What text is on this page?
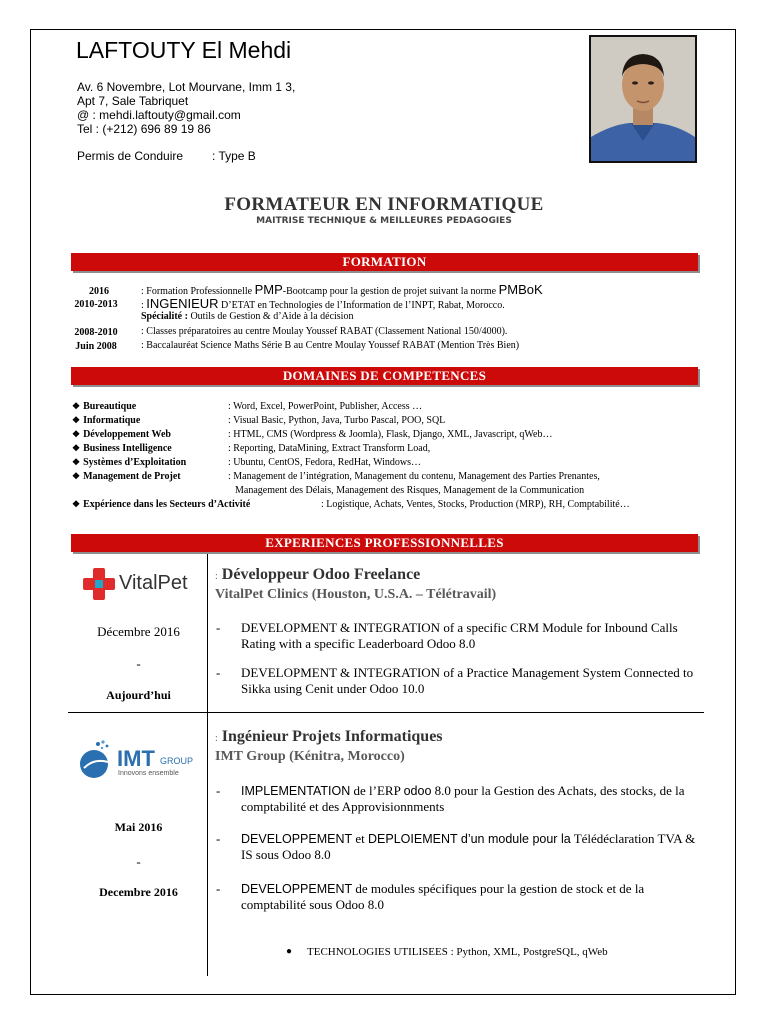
LAFTOUTY El Mehdi
Av. 6 Novembre, Lot Mourvane, Imm 1 3,
Apt 7, Sale Tabriquet
@ : mehdi.laftouty@gmail.com
Tel : (+212) 696 89 19 86
Permis de Conduire : Type B
FORMATEUR EN INFORMATIQUE
MAITRISE TECHNIQUE & MEILLEURES PEDAGOGIES
FORMATION
2016	: Formation Professionnelle PMP-Bootcamp pour la gestion de projet suivant la norme PMBoK
2010-2013	: INGENIEUR D’ETAT en Technologies de l’Information de l’INPT, Rabat, Morocco.
Spécialité : Outils de Gestion & d’Aide à la décision
2008-2010	: Classes préparatoires au centre Moulay Youssef RABAT (Classement National 150/4000).
Juin 2008	: Baccalauréat Science Maths Série B au Centre Moulay Youssef RABAT (Mention Très Bien)
DOMAINES DE COMPETENCES
❖ Bureautique	: Word, Excel, PowerPoint, Publisher, Access …
❖ Informatique	: Visual Basic, Python, Java, Turbo Pascal, POO, SQL
❖ Développement Web	: HTML, CMS (Wordpress & Joomla), Flask, Django, XML, Javascript, qWeb…
❖ Business Intelligence	: Reporting, DataMining, Extract Transform Load,
❖ Systèmes d’Exploitation	: Ubuntu, CentOS, Fedora, RedHat, Windows…
❖ Management de Projet	: Management de l’intégration, Management du contenu, Management des Parties Prenantes,
Management des Délais, Management des Risques, Management de la Communication
❖ Expérience dans les Secteurs d’Activité	: Logistique, Achats, Ventes, Stocks, Production (MRP), RH, Comptabilité…
EXPERIENCES PROFESSIONNELLES
VitalPet	: Développeur Odoo Freelance
VitalPet Clinics (Houston, U.S.A. – Télétravail)
Décembre 2016
-
Aujourd’hui
- DEVELOPMENT & INTEGRATION of a specific CRM Module for Inbound Calls Rating with a specific Leaderboard Odoo 8.0
- DEVELOPMENT & INTEGRATION of a Practice Management System Connected to Sikka using Cenit under Odoo 10.0
IMT GROUP
Innovons ensemble
: Ingénieur Projets Informatiques
IMT Group (Kénitra, Morocco)
Mai 2016
-
Decembre 2016
- IMPLEMENTATION de l’ERP odoo 8.0 pour la Gestion des Achats, des stocks, de la comptabilité et des Approvisionnments
- DEVELOPPEMENT et DEPLOIEMENT d’un module pour la Télédéclaration TVA & IS sous Odoo 8.0
- DEVELOPPEMENT de modules spécifiques pour la gestion de stock et de la comptabilité sous Odoo 8.0
● TECHNOLOGIES UTILISEES : Python, XML, PostgreSQL, qWeb
